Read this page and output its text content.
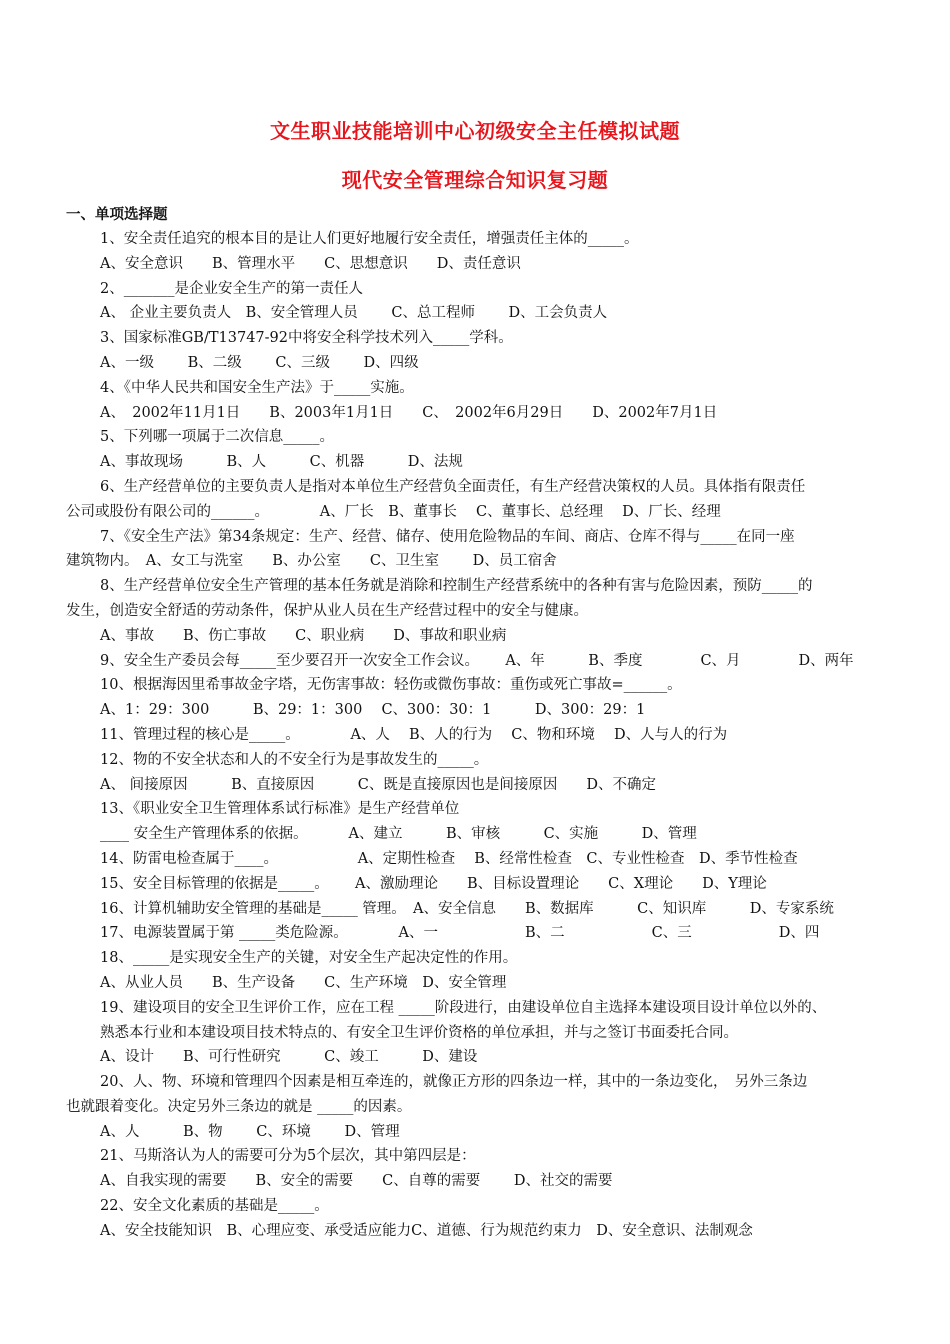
文生职业技能培训中心初级安全主任模拟试题
现代安全管理综合知识复习题
一、单项选择题
1、安全责任追究的根本目的是让人们更好地履行安全责任，增强责任主体的_____。
A、安全意识　　B、管理水平　　C、思想意识　　D、责任意识
2、_______是企业安全生产的第一责任人
A、 企业主要负责人　B、安全管理人员　　 C、总工程师　　 D、工会负责人
3、国家标准GB/T13747-92中将安全科学技术列入_____学科。
A、一级　　 B、二级　　 C、三级　　 D、四级
4、《中华人民共和国安全生产法》于_____实施。
A、　2002年11月1日　　B、2003年1月1日　　C、　2002年6月29日　　D、2002年7月1日
5、下列哪一项属于二次信息_____。
A、事故现场　　　B、人　　　C、机器　　　D、法规
6、生产经营单位的主要负责人是指对本单位生产经营负全面责任，有生产经营决策权的人员。具体指有限责任
公司或股份有限公司的______。　　　　A、厂长　B、董事长　 C、董事长、总经理　 D、厂长、经理
7、《安全生产法》第34条规定：生产、经营、储存、使用危险物品的车间、商店、仓库不得与_____在同一座
建筑物内。　A、女工与洗室　　B、办公室　　C、卫生室　　 D、员工宿舍
8、生产经营单位安全生产管理的基本任务就是消除和控制生产经营系统中的各种有害与危险因素，预防_____的
发生，创造安全舒适的劳动条件，保护从业人员在生产经营过程中的安全与健康。
A、事故　　B、伤亡事故　　C、职业病　　D、事故和职业病
9、安全生产委员会每_____至少要召开一次安全工作会议。　　 A、年　　　B、季度　　　　C、月　　　　D、两年
10、根据海因里希事故金字塔，无伤害事故：轻伤或微伤事故：重伤或死亡事故=______。
A、1：29：300　　　B、29：1：300　 C、300：30：1　　　D、300：29：1
11、管理过程的核心是_____。　　　　A、人　 B、人的行为　 C、物和环境　 D、人与人的行为
12、物的不安全状态和人的不安全行为是事故发生的_____。
A、 间接原因　　　B、直接原因　　　C、既是直接原因也是间接原因　　D、不确定
13、《职业安全卫生管理体系试行标准》是生产经营单位
____ 安全生产管理体系的依据。　　　 A、建立　　　B、审核　　　C、实施　　　D、管理
14、防雷电检查属于____。　　　　　　A、定期性检查　 B、经常性检查　C、专业性检查　D、季节性检查
15、安全目标管理的依据是_____。　　 A、激励理论　　B、目标设置理论　　C、X理论　　D、Y理论
16、计算机辅助安全管理的基础是_____ 管理。　A、安全信息　　B、数据库　　　C、知识库　　　D、专家系统
17、电源装置属于第 _____类危险源。　　　　A、一　　　　　　B、二　　　　　　C、三　　　　　　D、四
18、_____是实现安全生产的关键，对安全生产起决定性的作用。
A、从业人员　　B、生产设备　　C、生产环境　D、安全管理
19、建设项目的安全卫生评价工作，应在工程 _____阶段进行，由建设单位自主选择本建设项目设计单位以外的、
熟悉本行业和本建设项目技术特点的、有安全卫生评价资格的单位承担，并与之签订书面委托合同。
A、设计　　B、可行性研究　　　C、竣工　　　D、建设
20、人、物、环境和管理四个因素是相互牵连的，就像正方形的四条边一样，其中的一条边变化，　另外三条边
也就跟着变化。决定另外三条边的就是 _____的因素。
A、人　　　B、物　　 C、环境　　 D、管理
21、马斯洛认为人的需要可分为5个层次，其中第四层是：
A、自我实现的需要　　B、安全的需要　　C、自尊的需要　　 D、社交的需要
22、安全文化素质的基础是_____。
A、安全技能知识　B、心理应变、承受适应能力C、道德、行为规范约束力　D、安全意识、法制观念
